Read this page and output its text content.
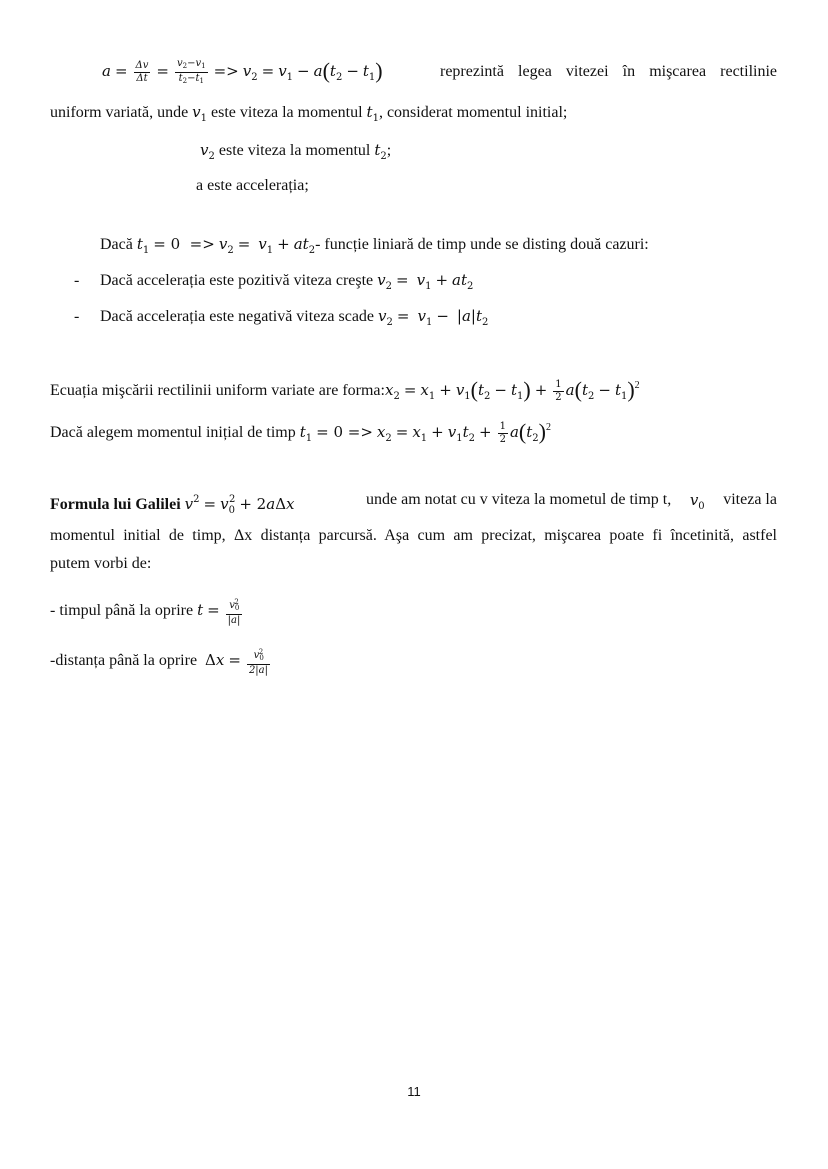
$a = \frac{\Delta v}{\Delta t} = \frac{v_2-v_1}{t_2-t_1} => v_2 = v_1 - a(t_2 - t_1)$	reprezintă legea vitezei în mişcarea rectilinie
uniform variată, unde $v_1$ este viteza la momentul $t_1$, considerat momentul initial;
$v_2$ este viteza la momentul $t_2$;
a este accelerația;
Dacă $t_1 = 0 => v_2 = v_1 + at_2-$ funcție liniară de timp unde se disting două cazuri:
- Dacă accelerația este pozitivă viteza creşte $v_2 = v_1 + at_2$
- Dacă accelerația este negativă viteza scade $v_2 = v_1 - |a|t_2$
Ecuația mişcării rectilinii uniform variate are $forma:x_2 = x_1 + v_1(t_2 - t_1) + \frac{1}{2} a(t_2 - t_1)^2$
Dacă alegem momentul inițial de timp $t_1 = 0 => x_2 = x_1 + v_1t_2 + \frac{1}{2} a(t_2)^2$
Formula lui Galilei $v^2 = v_0^2 + 2a\Delta x$	unde am notat cu v viteza la mometul de timp t, $v_0$ viteza la
momentul initial de timp, Δx distanța parcursă. Aşa cum am precizat, mişcarea poate fi încetinită, astfel
putem vorbi de:
- timpul până la oprire $t = \frac{v_0^2}{|a|}$
-distanța până la oprire $\Delta x = \frac{v_0^2}{2|a|}$
11
